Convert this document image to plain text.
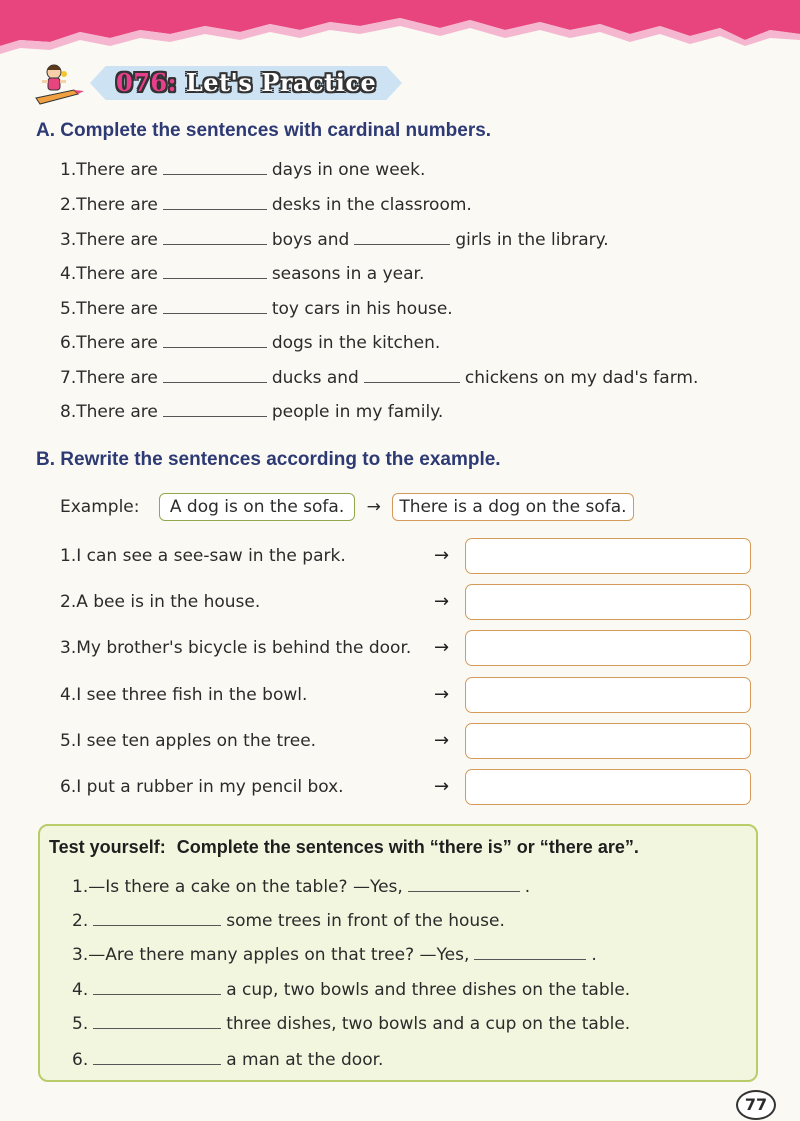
076: Let's Practice
A. Complete the sentences with cardinal numbers.
1.There are	days in one week.
2.There are	desks in the classroom.
3.There are	boys and	girls in the library.
4.There are	seasons in a year.
5.There are	toy cars in his house.
6.There are	dogs in the kitchen.
7.There are	ducks and	chickens on my dad's farm.
8.There are	people in my family.
B. Rewrite the sentences according to the example.
Example: A dog is on the sofa. → There is a dog on the sofa.
1.I can see a see-saw in the park.	→
2.A bee is in the house.	→
3.My brother's bicycle is behind the door. →
4.I see three fish in the bowl.	→
5.I see ten apples on the tree.	→
6.I put a rubber in my pencil box.	→
Test yourself: Complete the sentences with “there is” or “there are”.
1.—Is there a cake on the table? —Yes,	.
2.	some trees in front of the house.
3.—Are there many apples on that tree? —Yes,	.
4.	a cup, two bowls and three dishes on the table.
5.	three dishes, two bowls and a cup on the table.
6.	a man at the door.
77
